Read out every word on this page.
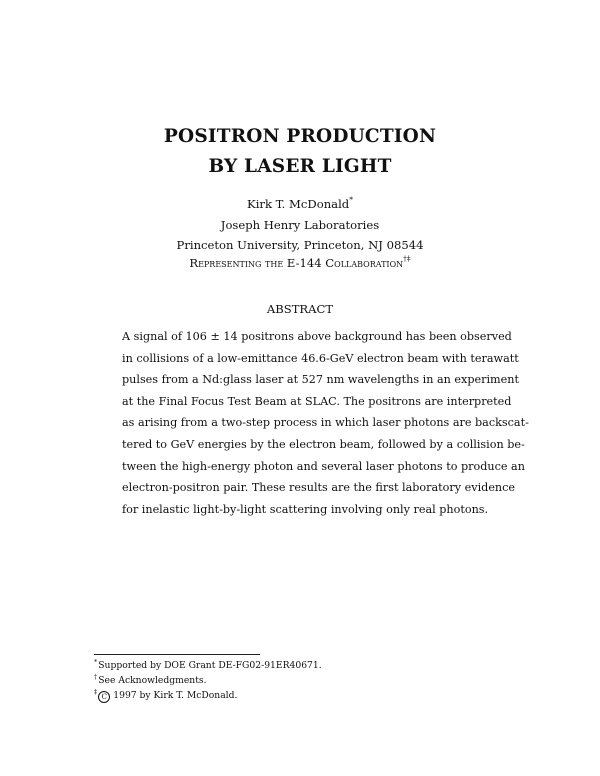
POSITRON PRODUCTION
BY LASER LIGHT
Kirk T. McDonald*
Joseph Henry Laboratories
Princeton University, Princeton, NJ 08544
Representing the E-144 Collaboration†‡
ABSTRACT
A signal of 106 ± 14 positrons above background has been observed
in collisions of a low-emittance 46.6-GeV electron beam with terawatt
pulses from a Nd:glass laser at 527 nm wavelengths in an experiment
at the Final Focus Test Beam at SLAC. The positrons are interpreted
as arising from a two-step process in which laser photons are backscat-
tered to GeV energies by the electron beam, followed by a collision be-
tween the high-energy photon and several laser photons to produce an
electron-positron pair. These results are the first laboratory evidence
for inelastic light-by-light scattering involving only real photons.
*Supported by DOE Grant DE-FG02-91ER40671.
†See Acknowledgments.
‡C 1997 by Kirk T. McDonald.
